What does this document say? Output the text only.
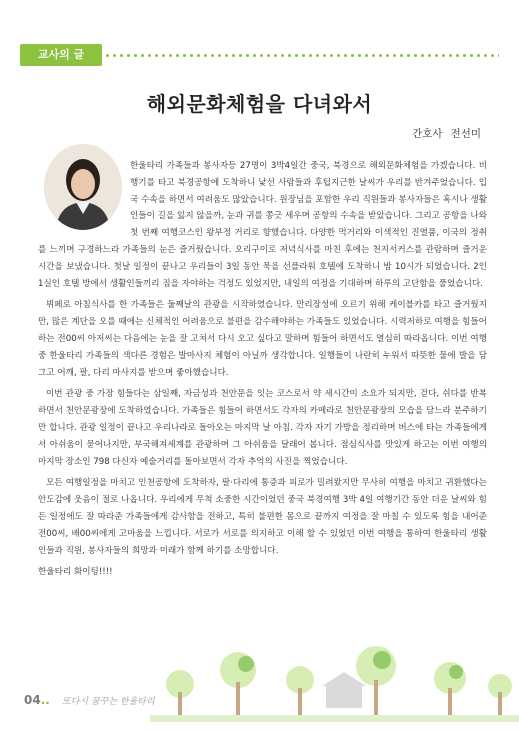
교사의 글
해외문화체험을 다녀와서
간호사 전선미

한울타리 가족들과 봉사자등 27명이 3박4일간 중국, 북경으로 해외문화체험을 가겠습니다. 비행기를 타고 북경공항에 도착하니 낯선 사람들과 후텁지근한 날씨가 우리를 반겨주었습니다. 입국 수속을 하면서 여려움도 많았습니다. 원장님을 포함한 우리 직원들과 봉사자들은 혹시나 생활인들이 길을 잃지 않을까, 눈과 귀를 쫑긋 세우며 공항의 수속을 받았습니다. 그리고 공항을 나와 첫 번째 여행코스인 왕부정 거리로 향했습니다. 다양한 먹거리와 이색적인 진열품, 이국의 정취를 느끼며 구경하느라 가족들의 눈은 즐거웠습니다. 오리구이로 저녁식사를 마친 후에는 천지서커스를 관람하며 즐거운 시간을 보냈습니다. 첫날 일정이 끝나고 우리들이 3일 동안 묵을 선플라워 호텔에 도착하니 밤 10시가 되었습니다. 2인 1실인 호텔 방에서 생활인들끼리 짐을 자야하는 걱정도 있었지만, 내일의 여정을 기대하며 하루의 고단함을 풀었습니다.

뷔페로 아침식사를 한 가족들은 둘째날의 관광을 시작하였습니다. 만리장성에 오르기 위해 케이블카를 타고 즐거웠지만, 많은 계단을 오를 때에는 신체적인 어려움으로 불편을 감수해야하는 가족들도 있었습니다. 시력저하로 여행을 힘들어 하는 전00씨 아저씨는 다음에는 눈을 잘 고쳐서 다시 오고 싶다고 말하며 힘들어 하면서도 열심히 따라옵니다. 이번 여행 중 한울타리 가족들의 색다른 경험은 발마사지 체험이 아닐까 생각합니다. 일행들이 나란히 누워서 따뜻한 물에 발을 담그고 어깨, 팔, 다리 마사지를 받으며 좋아했습니다.

이번 관광 중 가장 힘들다는 삼일째, 자금성과 천안문을 잇는 코스로서 약 세시간이 소요가 되지만, 걷다, 쉬다를 반복하면서 천안문광장에 도착하였습니다. 가족들은 힘들어 하면서도 각자의 카메라로 천안문광장의 모습을 담느라 분주하기만 합니다. 관광 일정이 끝나고 우리나라로 돌아오는 마지막 날 아침. 각자 자기 가방을 정리하며 버스에 타는 가족들에게서 아쉬움이 묻어나지만, 부국해져세계를 관광하며 그 아쉬움을 달래어 봅니다. 점심식사를 맛있게 하고는 이번 여행의 마지막 장소인 798 다신자 예술거리를 돌아보면서 각자 추억의 사진을 찍었습니다.

모든 여행일정을 마치고 인천공항에 도착하자, 팔·다리에 통증과 피로가 밀려왔지만 무사히 여행을 마치고 귀환했다는 안도감에 웃음이 절로 나옵니다. 우리에게 무척 소중한 시간이었던 중국 북경여행 3박 4일 여행기간 동안 더운 날씨와 힘든 일정에도 잘 따라준 가족들에게 감사함을 전하고, 특히 불편한 몸으로 끝까지 여정을 잘 마칠 수 있도록 힘을 내어준 전00씨, 배00씨에게 고마움을 느낍니다. 서로가 서로를 의지하고 이해 할 수 있었던 이번 여행을 통하여 한울타리 생활인들과 직원, 봉사자들의 희망과 미래가 함께 하기를 소망합니다.

한울타리 화이팅!!!!

04.. 또다시 꿈꾸는 한울타리
